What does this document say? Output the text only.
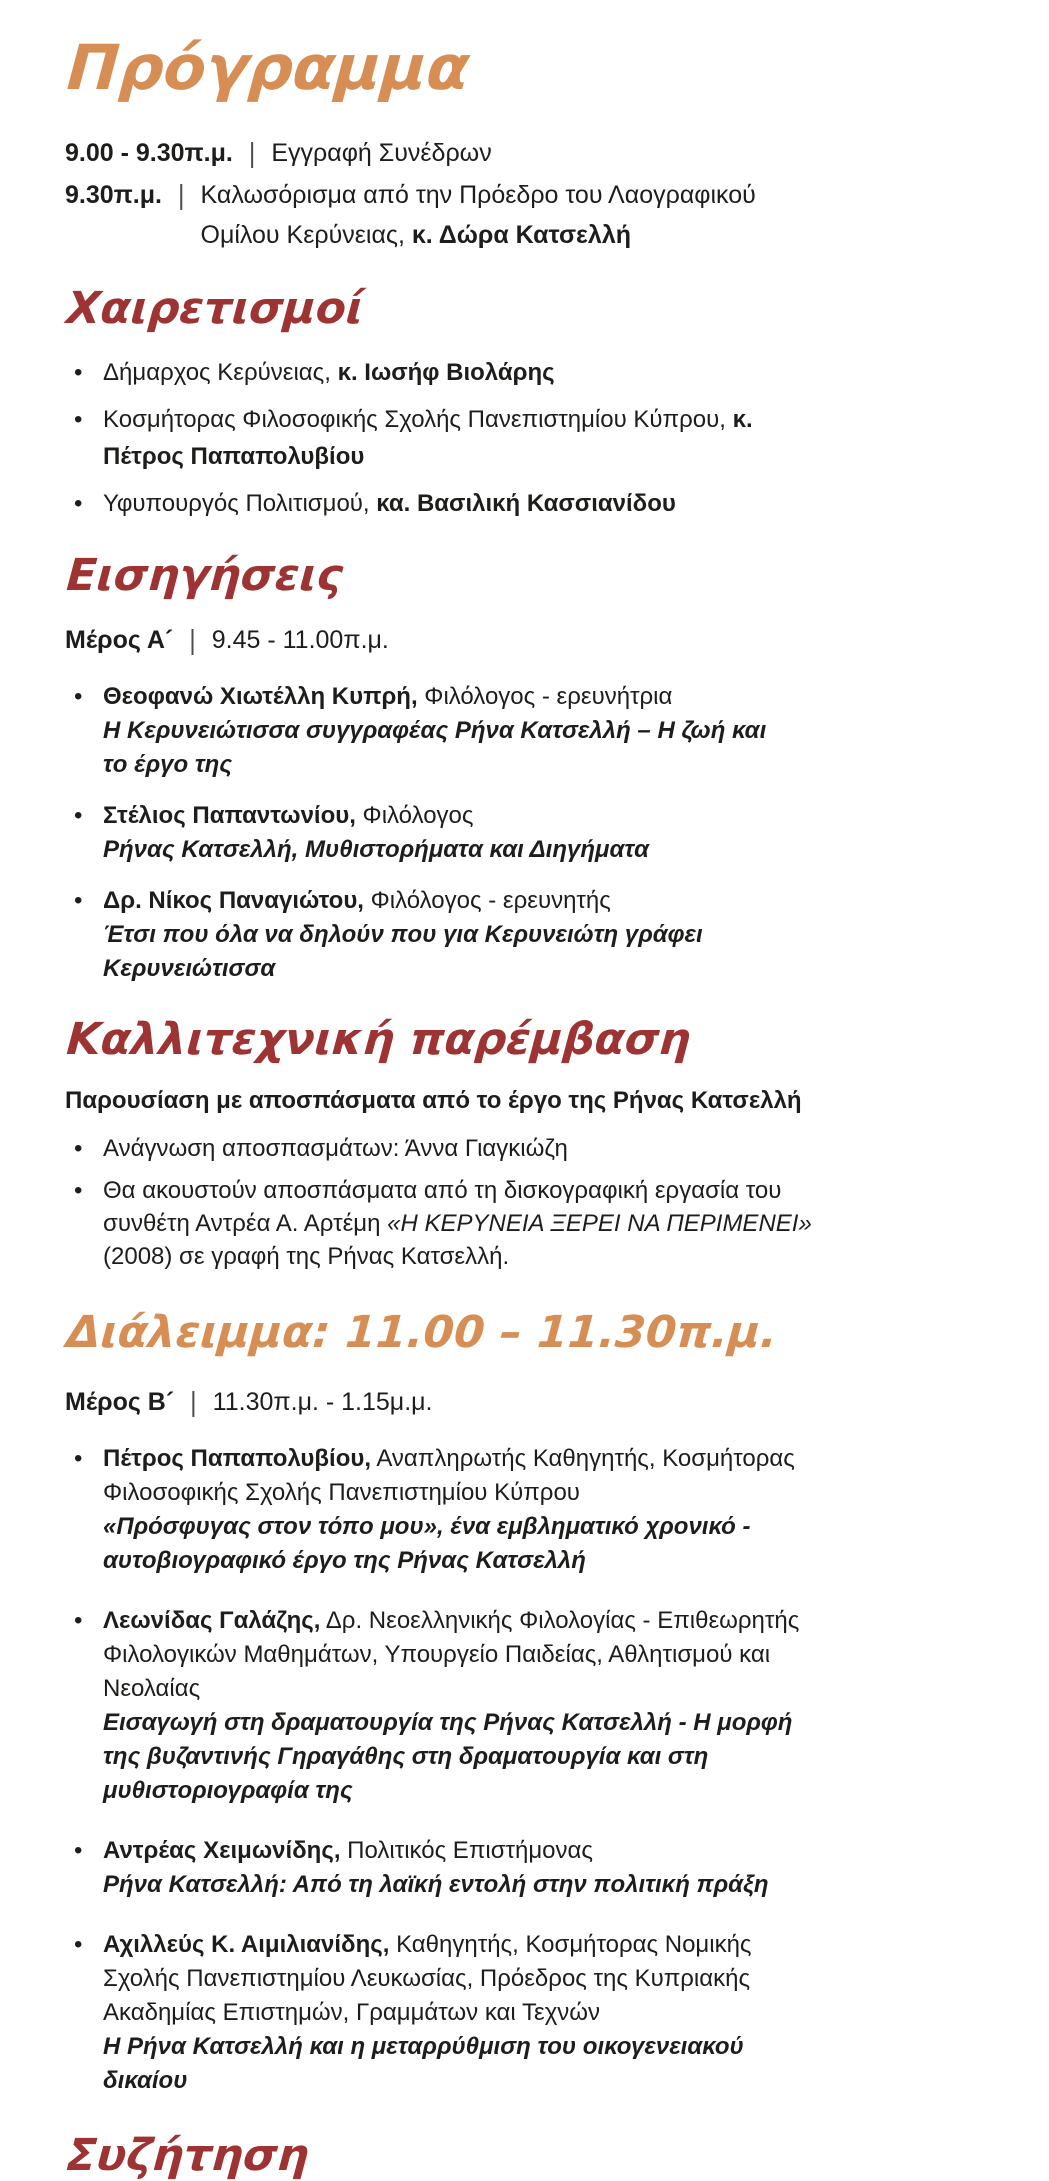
Πρόγραμμα
9.00 - 9.30π.μ. | Εγγραφή Συνέδρων
9.30π.μ. | Καλωσόρισμα από την Πρόεδρο του Λαογραφικού Ομίλου Κερύνειας, κ. Δώρα Κατσελλή
Χαιρετισμοί
• Δήμαρχος Κερύνειας, κ. Ιωσήφ Βιολάρης
• Κοσμήτορας Φιλοσοφικής Σχολής Πανεπιστημίου Κύπρου, κ. Πέτρος Παπαπολυβίου
• Υφυπουργός Πολιτισμού, κα. Βασιλική Κασσιανίδου
Εισηγήσεις
Μέρος Α´ | 9.45 - 11.00π.μ.
• Θεοφανώ Χιωτέλλη Κυπρή, Φιλόλογος - ερευνήτρια
Η Κερυνειώτισσα συγγραφέας Ρήνα Κατσελλή – Η ζωή και
το έργο της
• Στέλιος Παπαντωνίου, Φιλόλογος
Ρήνας Κατσελλή, Μυθιστορήματα και Διηγήματα
• Δρ. Νίκος Παναγιώτου, Φιλόλογος - ερευνητής
Έτσι που όλα να δηλούν που για Κερυνειώτη γράφει
Κερυνειώτισσα
Καλλιτεχνική παρέμβαση

Παρουσίαση με αποσπάσματα από το έργο της Ρήνας Κατσελλή

• Ανάγνωση αποσπασμάτων: Άννα Γιαγκιώζη
• Θα ακουστούν αποσπάσματα από τη δισκογραφική εργασία του συνθέτη Αντρέα Α. Αρτέμη «Η ΚΕΡΥΝΕΙΑ ΞΕΡΕΙ ΝΑ ΠΕΡΙΜΕΝΕΙ» (2008) σε γραφή της Ρήνας Κατσελλή.
Διάλειμμα: 11.00 – 11.30π.μ.
Μέρος Β´ | 11.30π.μ. - 1.15μ.μ.
• Πέτρος Παπαπολυβίου, Αναπληρωτής Καθηγητής, Κοσμήτορας Φιλοσοφικής Σχολής Πανεπιστημίου Κύπρου
«Πρόσφυγας στον τόπο μου», ένα εμβληματικό χρονικό -
αυτοβιογραφικό έργο της Ρήνας Κατσελλή
• Λεωνίδας Γαλάζης, Δρ. Νεοελληνικής Φιλολογίας - Επιθεωρητής Φιλολογικών Μαθημάτων, Υπουργείο Παιδείας, Αθλητισμού και Νεολαίας
Εισαγωγή στη δραματουργία της Ρήνας Κατσελλή - Η μορφή
της βυζαντινής Γηραγάθης στη δραματουργία και στη
μυθιστοριογραφία της
• Αντρέας Χειμωνίδης, Πολιτικός Επιστήμονας
Ρήνα Κατσελλή: Από τη λαϊκή εντολή στην πολιτική πράξη
• Αχιλλεύς Κ. Αιμιλιανίδης, Καθηγητής, Κοσμήτορας Νομικής Σχολής Πανεπιστημίου Λευκωσίας, Πρόεδρος της Κυπριακής Ακαδημίας Επιστημών, Γραμμάτων και Τεχνών
Η Ρήνα Κατσελλή και η μεταρρύθμιση του οικογενειακού δικαίου
Συζήτηση
